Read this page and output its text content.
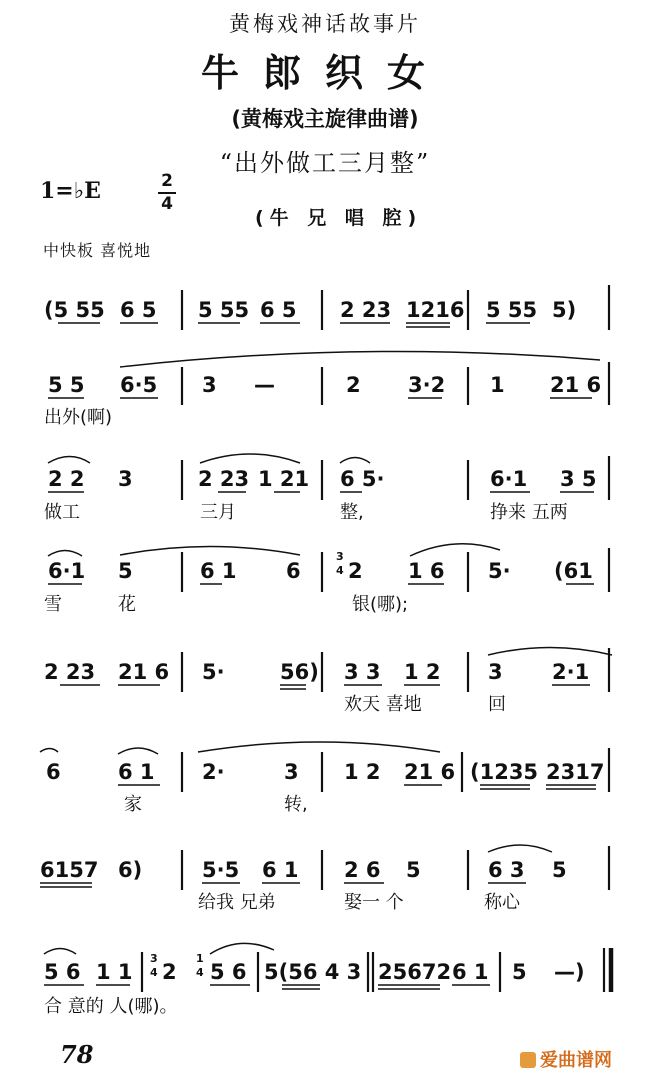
黄梅戏神话故事片
牛郎织女
(黄梅戏主旋律曲谱)
“出外做工三月整”
1=♭E	2
4
(牛 兄 唱 腔)
中快板 喜悦地
(5 55 6 5 5 55 6 5 2 23 1216 5 55 5)
5 5 6·5 3 —	2 3·2 1 21 6
出外(啊)
2 2 3	2 23 1 21 6 5·	6·1 3 5
做工	三月	整,	挣来 五两
6·1 5	6 1 6
3
4 2 1 6 5· (61
雪	花	银(哪);
2 23 21 6 5·	56) 3 3 1 2 3 2·1
欢天 喜地	回
6	6 1 2·	3 1 2 21 6 (1235 2317
家	转,
6157 6)	5·5 6 1 2 6 5	6 3 5
给我 兄弟	娶一 个	称心
5 6 1 1
3
4 2
1
4 5 6 5(56 4 3 25672 6 1 5 —)
合 意的 人(哪)。
78	爱曲谱网
